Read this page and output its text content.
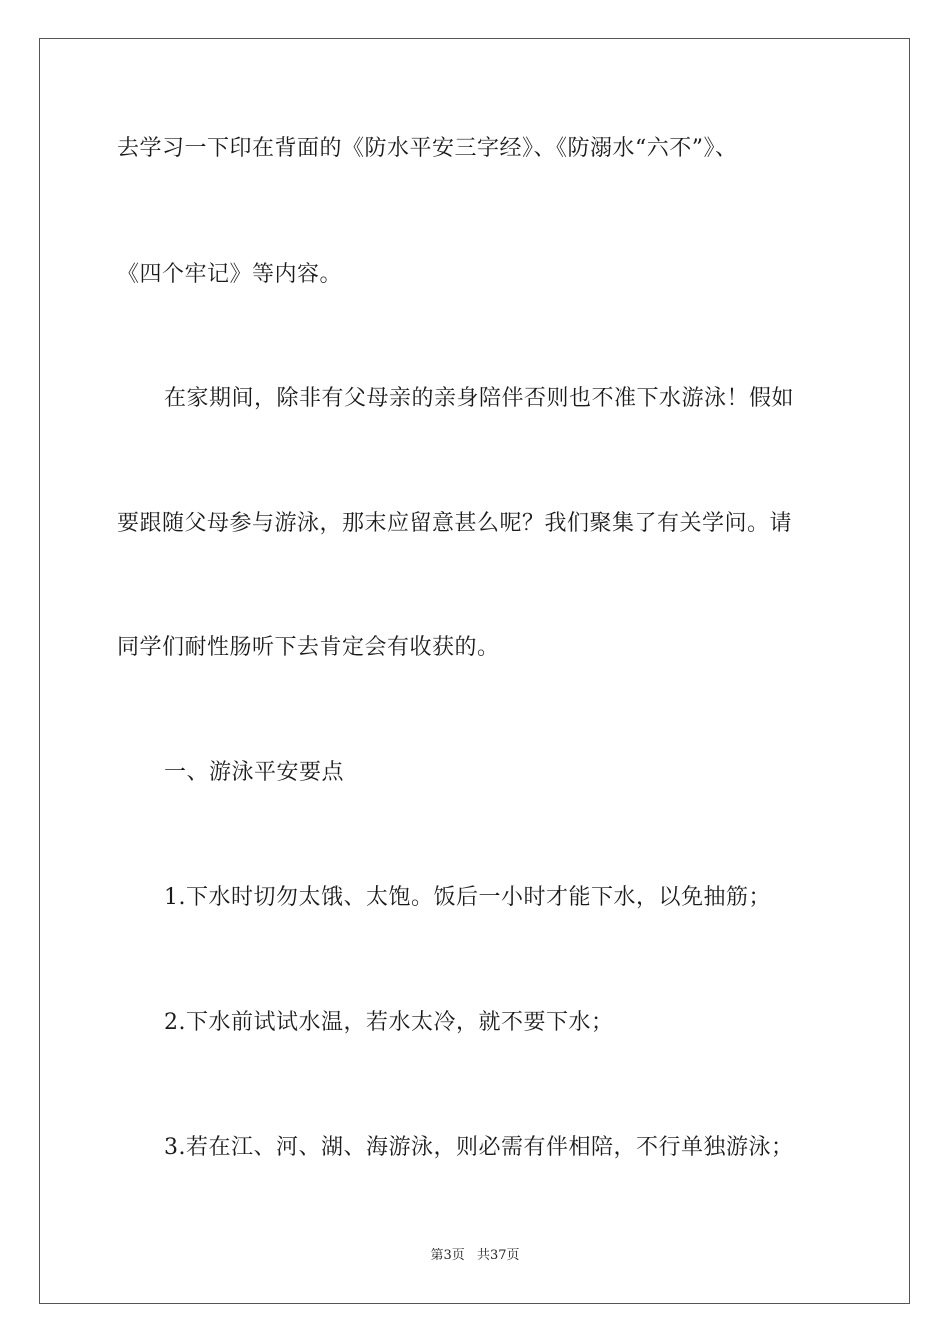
去学习一下印在背面的《防水平安三字经》、《防溺水“六不”》、
《四个牢记》等内容。
在家期间，除非有父母亲的亲身陪伴否则也不准下水游泳！假如
要跟随父母参与游泳，那末应留意甚么呢？我们聚集了有关学问。请
同学们耐性肠听下去肯定会有收获的。
一、游泳平安要点
1.下水时切勿太饿、太饱。饭后一小时才能下水，以免抽筋；
2.下水前试试水温，若水太冷，就不要下水；
3.若在江、河、湖、海游泳，则必需有伴相陪，不行单独游泳；
第3页 共37页
